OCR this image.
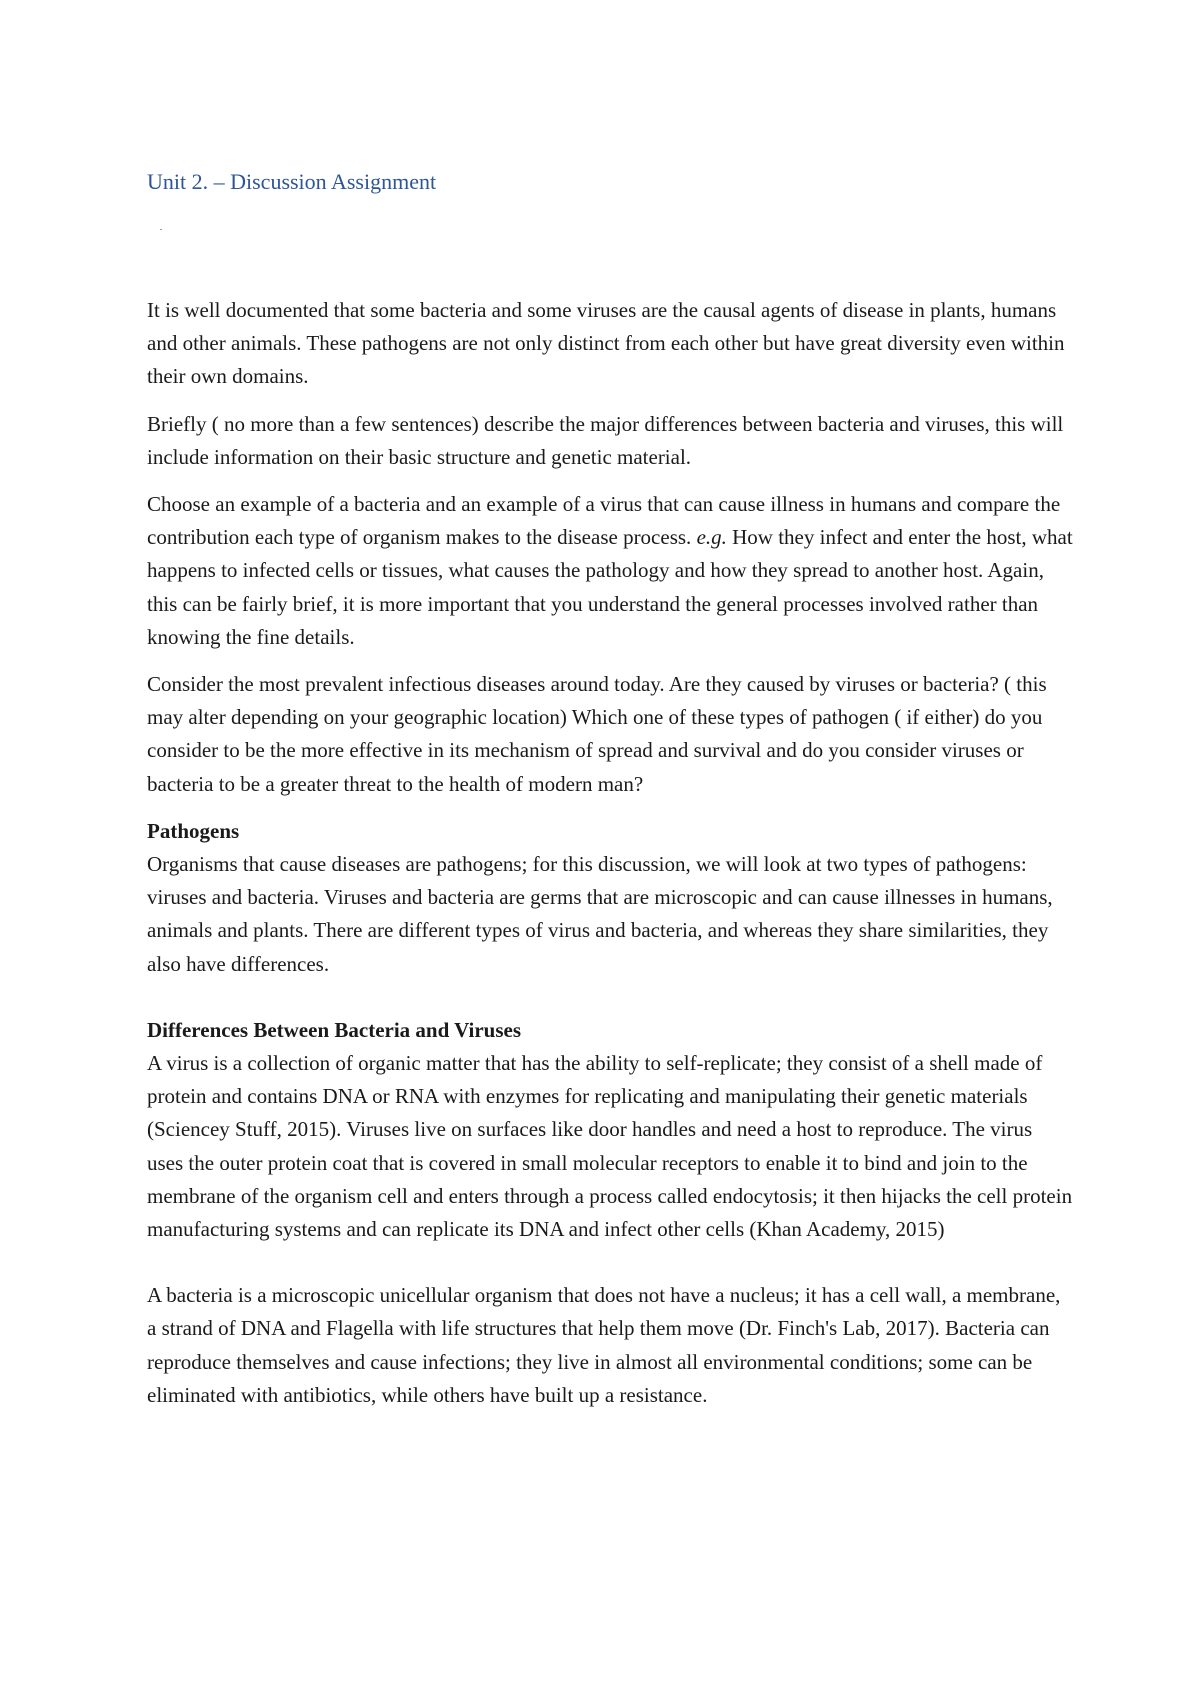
Unit 2. – Discussion Assignment

It is well documented that some bacteria and some viruses are the causal agents of disease in plants, humans and other animals. These pathogens are not only distinct from each other but have great diversity even within their own domains.

Briefly ( no more than a few sentences) describe the major differences between bacteria and viruses, this will include information on their basic structure and genetic material.

Choose an example of a bacteria and an example of a virus that can cause illness in humans and compare the contribution each type of organism makes to the disease process. e.g. How they infect and enter the host, what happens to infected cells or tissues, what causes the pathology and how they spread to another host. Again, this can be fairly brief, it is more important that you understand the general processes involved rather than knowing the fine details.

Consider the most prevalent infectious diseases around today. Are they caused by viruses or bacteria? ( this may alter depending on your geographic location) Which one of these types of pathogen ( if either) do you consider to be the more effective in its mechanism of spread and survival and do you consider viruses or bacteria to be a greater threat to the health of modern man?

Pathogens

Organisms that cause diseases are pathogens; for this discussion, we will look at two types of pathogens: viruses and bacteria. Viruses and bacteria are germs that are microscopic and can cause illnesses in humans, animals and plants. There are different types of virus and bacteria, and whereas they share similarities, they also have differences.

Differences Between Bacteria and Viruses

A virus is a collection of organic matter that has the ability to self-replicate; they consist of a shell made of protein and contains DNA or RNA with enzymes for replicating and manipulating their genetic materials (Sciencey Stuff, 2015). Viruses live on surfaces like door handles and need a host to reproduce. The virus uses the outer protein coat that is covered in small molecular receptors to enable it to bind and join to the membrane of the organism cell and enters through a process called endocytosis; it then hijacks the cell protein manufacturing systems and can replicate its DNA and infect other cells (Khan Academy, 2015)

A bacteria is a microscopic unicellular organism that does not have a nucleus; it has a cell wall, a membrane, a strand of DNA and Flagella with life structures that help them move (Dr. Finch's Lab, 2017). Bacteria can reproduce themselves and cause infections; they live in almost all environmental conditions; some can be eliminated with antibiotics, while others have built up a resistance.
